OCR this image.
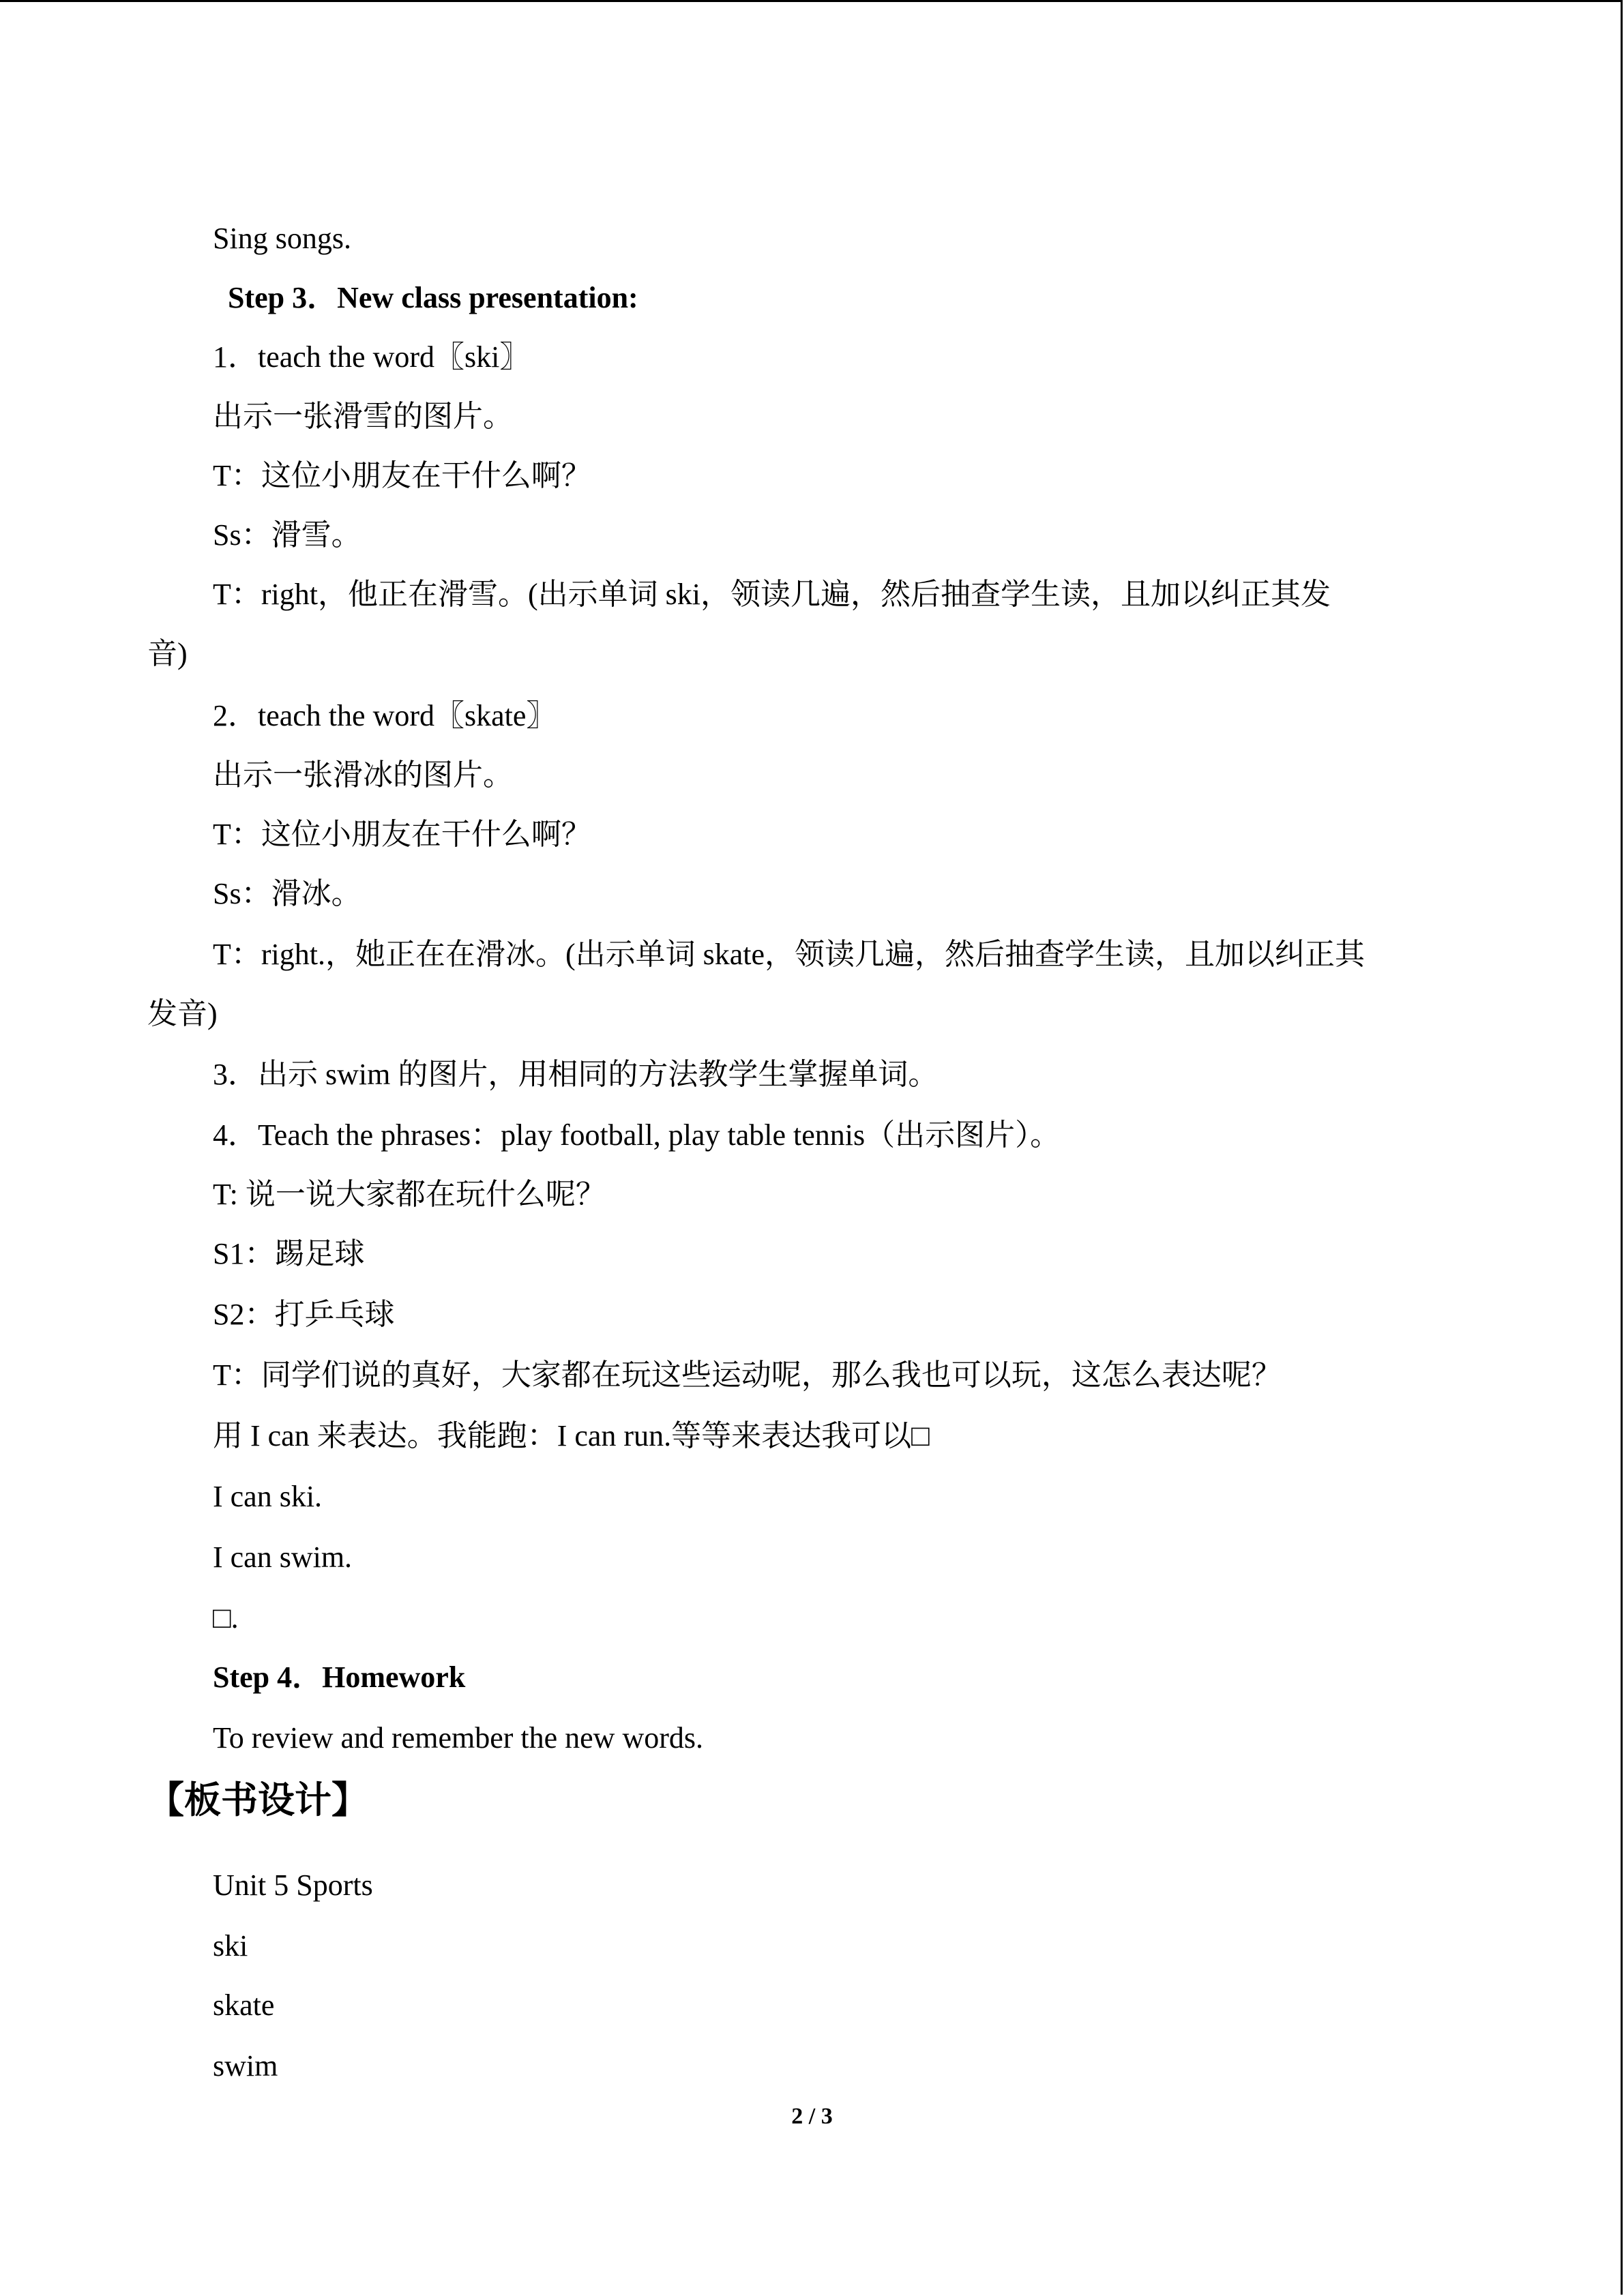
Sing songs.
Step 3．New class presentation:
1．teach the word〖ski〗
出示一张滑雪的图片。
T：这位小朋友在干什么啊？
Ss：滑雪。
T：right，他正在滑雪。(出示单词 ski，领读几遍，然后抽查学生读，且加以纠正其发
音)
2．teach the word〖skate〗
出示一张滑冰的图片。
T：这位小朋友在干什么啊？
Ss：滑冰。
T：right.，她正在在滑冰。(出示单词 skate，领读几遍，然后抽查学生读，且加以纠正其
发音)
3．出示 swim 的图片，用相同的方法教学生掌握单词。
4．Teach the phrases：play football, play table tennis（出示图片）。
T: 说一说大家都在玩什么呢？
S1：踢足球
S2：打乒乓球
T：同学们说的真好，大家都在玩这些运动呢，那么我也可以玩，这怎么表达呢？
用 I can 来表达。我能跑：I can run.等等来表达我可以□
I can ski.
I can swim.
□.
Step 4．Homework
To review and remember the new words.
【板书设计】
Unit 5 Sports
ski
skate
swim
2 / 3
